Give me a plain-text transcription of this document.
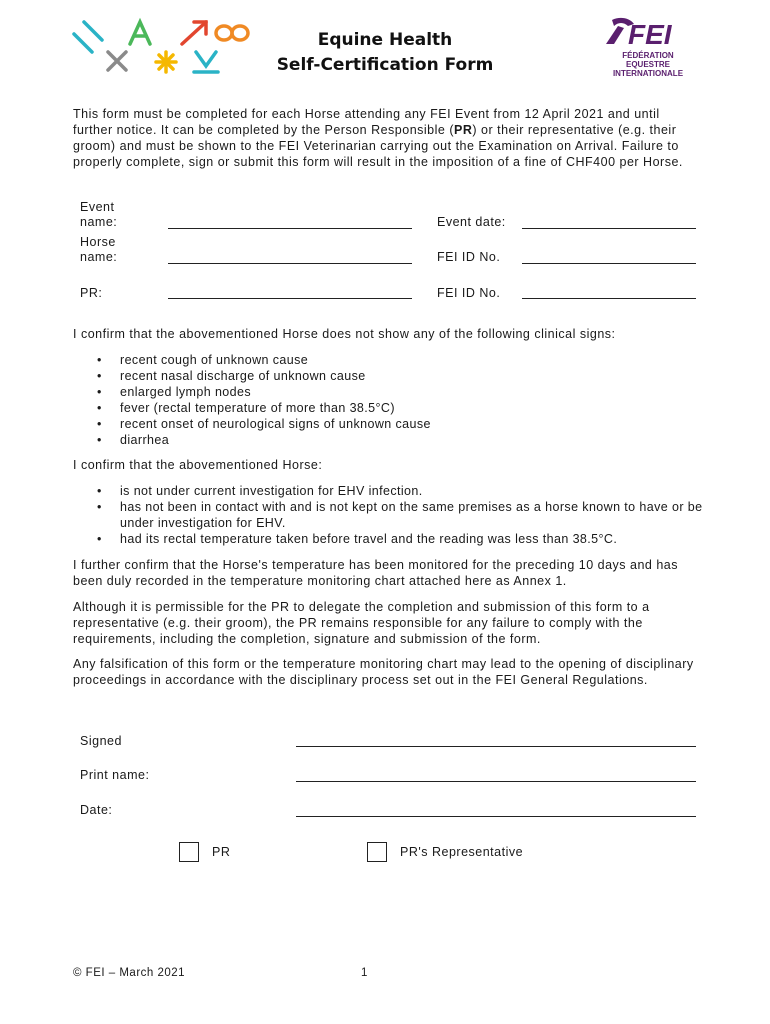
Equine Health
Self-Certification Form
FEI
FÉDÉRATION
EQUESTRE
INTERNATIONALE

This form must be completed for each Horse attending any FEI Event from 12 April 2021 and until further notice. It can be completed by the Person Responsible (PR) or their representative (e.g. their groom) and must be shown to the FEI Veterinarian carrying out the Examination on Arrival. Failure to properly complete, sign or submit this form will result in the imposition of a fine of CHF400 per Horse.

Event
name:	Event date:
Horse
name:	FEI ID No.
PR:	FEI ID No.

I confirm that the abovementioned Horse does not show any of the following clinical signs:

• recent cough of unknown cause
• recent nasal discharge of unknown cause
• enlarged lymph nodes
• fever (rectal temperature of more than 38.5°C)
• recent onset of neurological signs of unknown cause
• diarrhea

I confirm that the abovementioned Horse:

• is not under current investigation for EHV infection.
• has not been in contact with and is not kept on the same premises as a horse known to have or be under investigation for EHV.
• had its rectal temperature taken before travel and the reading was less than 38.5°C.

I further confirm that the Horse's temperature has been monitored for the preceding 10 days and has been duly recorded in the temperature monitoring chart attached here as Annex 1.

Although it is permissible for the PR to delegate the completion and submission of this form to a representative (e.g. their groom), the PR remains responsible for any failure to comply with the requirements, including the completion, signature and submission of the form.

Any falsification of this form or the temperature monitoring chart may lead to the opening of disciplinary proceedings in accordance with the disciplinary process set out in the FEI General Regulations.

Signed
Print name:
Date:
PR	PR's Representative
© FEI – March 2021	1
